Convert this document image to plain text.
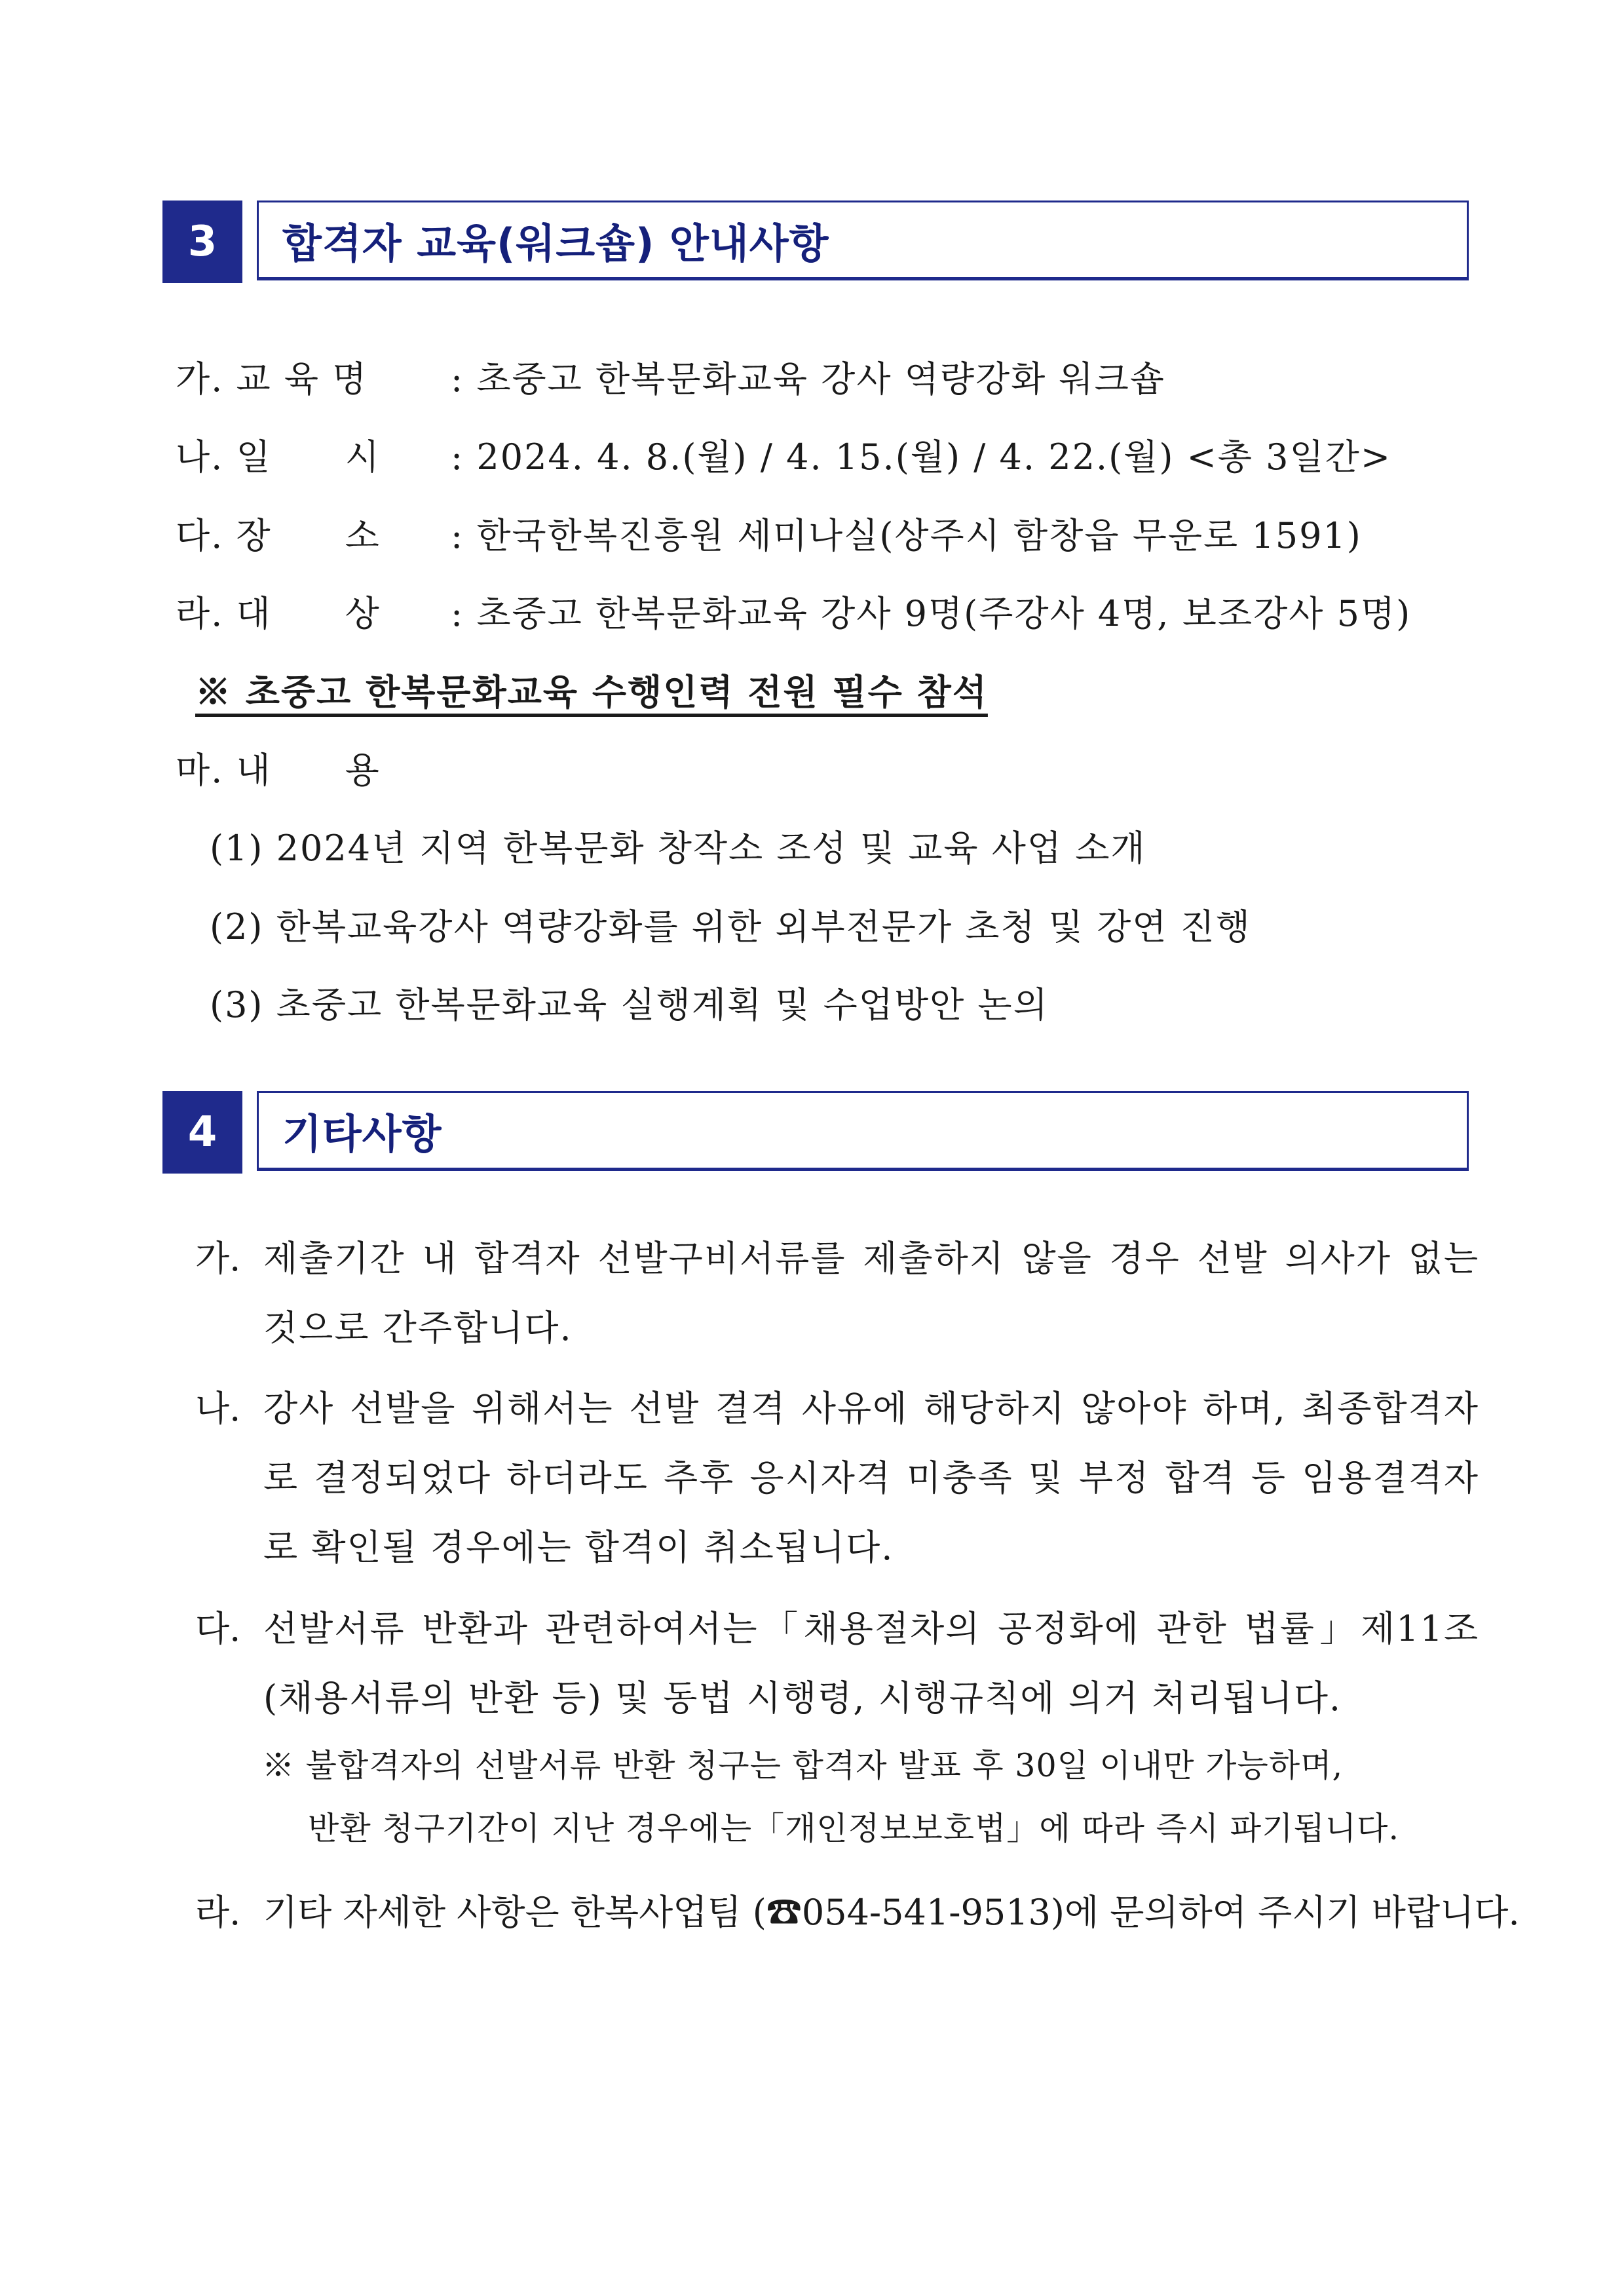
3	합격자 교육(워크숍) 안내사항
가. 교 육 명 : 초중고 한복문화교육 강사 역량강화 워크숍
나. 일　　시 : 2024. 4. 8.(월) / 4. 15.(월) / 4. 22.(월) <총 3일간>
다. 장　　소 : 한국한복진흥원 세미나실(상주시 함창읍 무운로 1591)
라. 대　　상 : 초중고 한복문화교육 강사 9명(주강사 4명, 보조강사 5명)
※ 초중고 한복문화교육 수행인력 전원 필수 참석
마. 내　　용
(1) 2024년 지역 한복문화 창작소 조성 및 교육 사업 소개
(2) 한복교육강사 역량강화를 위한 외부전문가 초청 및 강연 진행
(3) 초중고 한복문화교육 실행계획 및 수업방안 논의
4	기타사항
가. 제출기간 내 합격자 선발구비서류를 제출하지 않을 경우 선발 의사가 없는 것으로 간주합니다.
나. 강사 선발을 위해서는 선발 결격 사유에 해당하지 않아야 하며, 최종합격자로 결정되었다 하더라도 추후 응시자격 미충족 및 부정 합격 등 임용결격자로 확인될 경우에는 합격이 취소됩니다.
다. 선발서류 반환과 관련하여서는「채용절차의 공정화에 관한 법률」제11조(채용서류의 반환 등) 및 동법 시행령, 시행규칙에 의거 처리됩니다.
※ 불합격자의 선발서류 반환 청구는 합격자 발표 후 30일 이내만 가능하며,
반환 청구기간이 지난 경우에는「개인정보보호법」에 따라 즉시 파기됩니다.
라. 기타 자세한 사항은 한복사업팀 (☎054-541-9513)에 문의하여 주시기 바랍니다.
